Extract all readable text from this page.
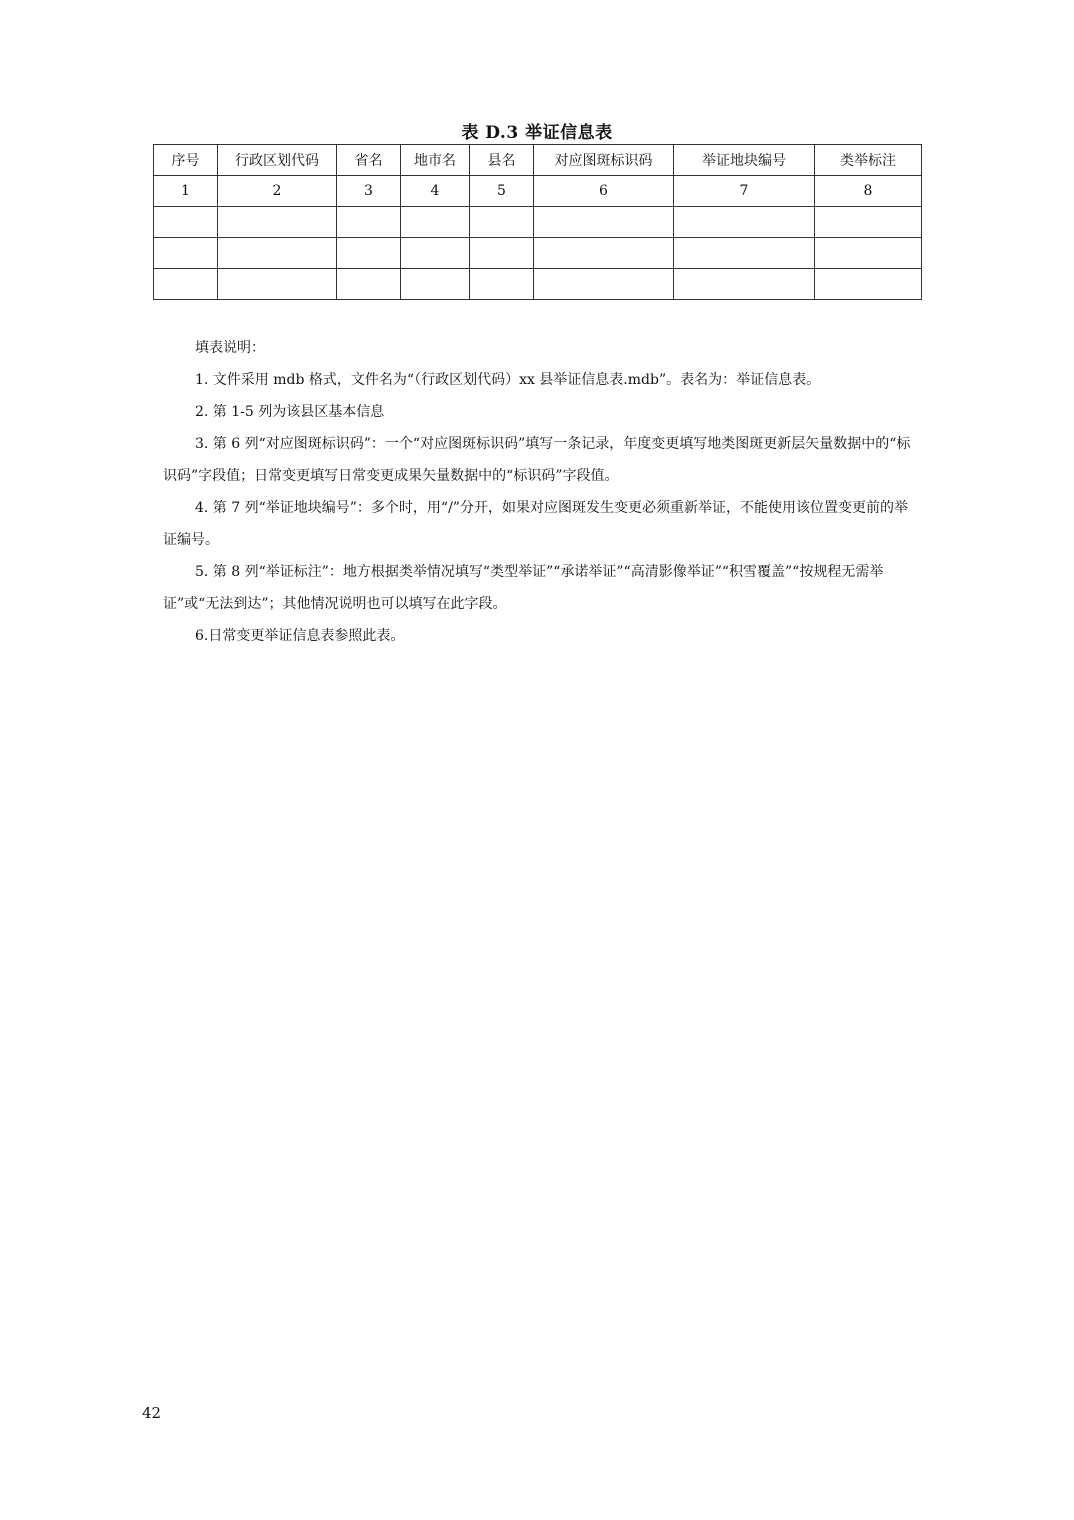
表 D.3 举证信息表
序号	行政区划代码	省名	地市名	县名	对应图斑标识码	举证地块编号	类举标注
1	2	3	4	5	6	7	8

填表说明：

1. 文件采用 mdb 格式，文件名为“（行政区划代码）xx 县举证信息表.mdb”。表名为：举证信息表。

2. 第 1-5 列为该县区基本信息

3. 第 6 列“对应图斑标识码”：一个“对应图斑标识码”填写一条记录，年度变更填写地类图斑更新层矢量数据中的“标识码”字段值；日常变更填写日常变更成果矢量数据中的“标识码”字段值。

4. 第 7 列“举证地块编号”：多个时，用“/”分开，如果对应图斑发生变更必须重新举证，不能使用该位置变更前的举证编号。

5. 第 8 列“举证标注”：地方根据类举情况填写“类型举证”“承诺举证”“高清影像举证”“积雪覆盖”“按规程无需举证”或“无法到达”；其他情况说明也可以填写在此字段。

6.日常变更举证信息表参照此表。

42
